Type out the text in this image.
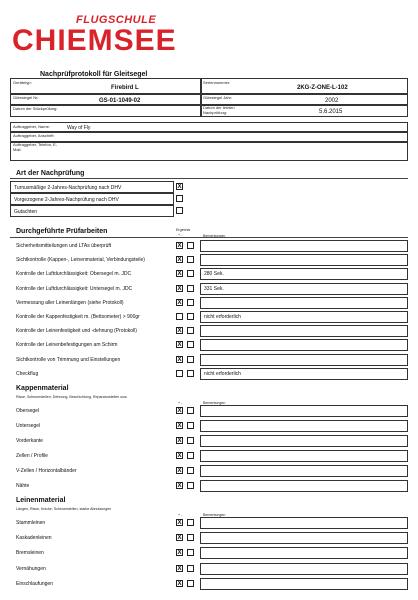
FLUGSCHULE
CHIEMSEE
Nachprüfprotokoll für Gleitsegel
Gerätetyp:
Firebird L
Seriennummer:
2KG-Z-ONE-L-102
Gütesiegel Nr.:
GS-01-1049-02
Gütesiegel Jahr:
2002
Datum der Stückprüfung:	Datum der letzten Nachprüfung:	5.6.2015
Auftraggeber, Name:	Way of Fly
Auftraggeber, Anschrift:
Auftraggeber, Telefon, E-Mail:
Art der Nachprüfung
Turnusmäßige 2-Jahres-Nachprüfung nach DHV	X
Vorgezogene 2-Jahres-Nachprüfung nach DHV
Gutachten
Durchgeführte Prüfarbeiten	Ergebnis
+ -	Bemerkungen
Sicherheitsmitteilungen und LTAs überprüft	X
Sichtkontrolle (Kappen-, Leinenmaterial, Verbindungsteile)	X
Kontrolle der Luftdurchlässigkeit: Obersegel m. JDC	X	280 Sek.
Kontrolle der Luftdurchlässigkeit: Untersegel m. JDC	X	331 Sek.
Vermessung aller Leinenlängen (siehe Protokoll)	X
Kontrolle der Kappenfestigkeit m. (Bettsometer) > 900gr	nicht erforderlich
Kontrolle der Leinenfestigkeit und -dehnung (Protokoll)	X
Kontrolle der Leinenbefestigungen am Schirm	X
Sichtkontrolle von Trimmung und Einstellungen	X
Checkflug	nicht erforderlich
Kappenmaterial
Risse, Scheuerstellen, Dehnung, Beschichtung, Reparaturstellen usw.
+ -	Bemerkungen
Obersegel	X
Untersegel	X
Vorderkante	X
Zellen / Profile	X
V-Zellen / Horizontalbänder	X
Nähte	X
Leinenmaterial
Längen, Risse, Knicke, Scheuerstellen, starke Abnutzungen
+ -	Bemerkungen
Stammleinen	X
Kaskadenleinen	X
Bremsleinen	X
Vernähungen	X
Einschlaufungen	X
